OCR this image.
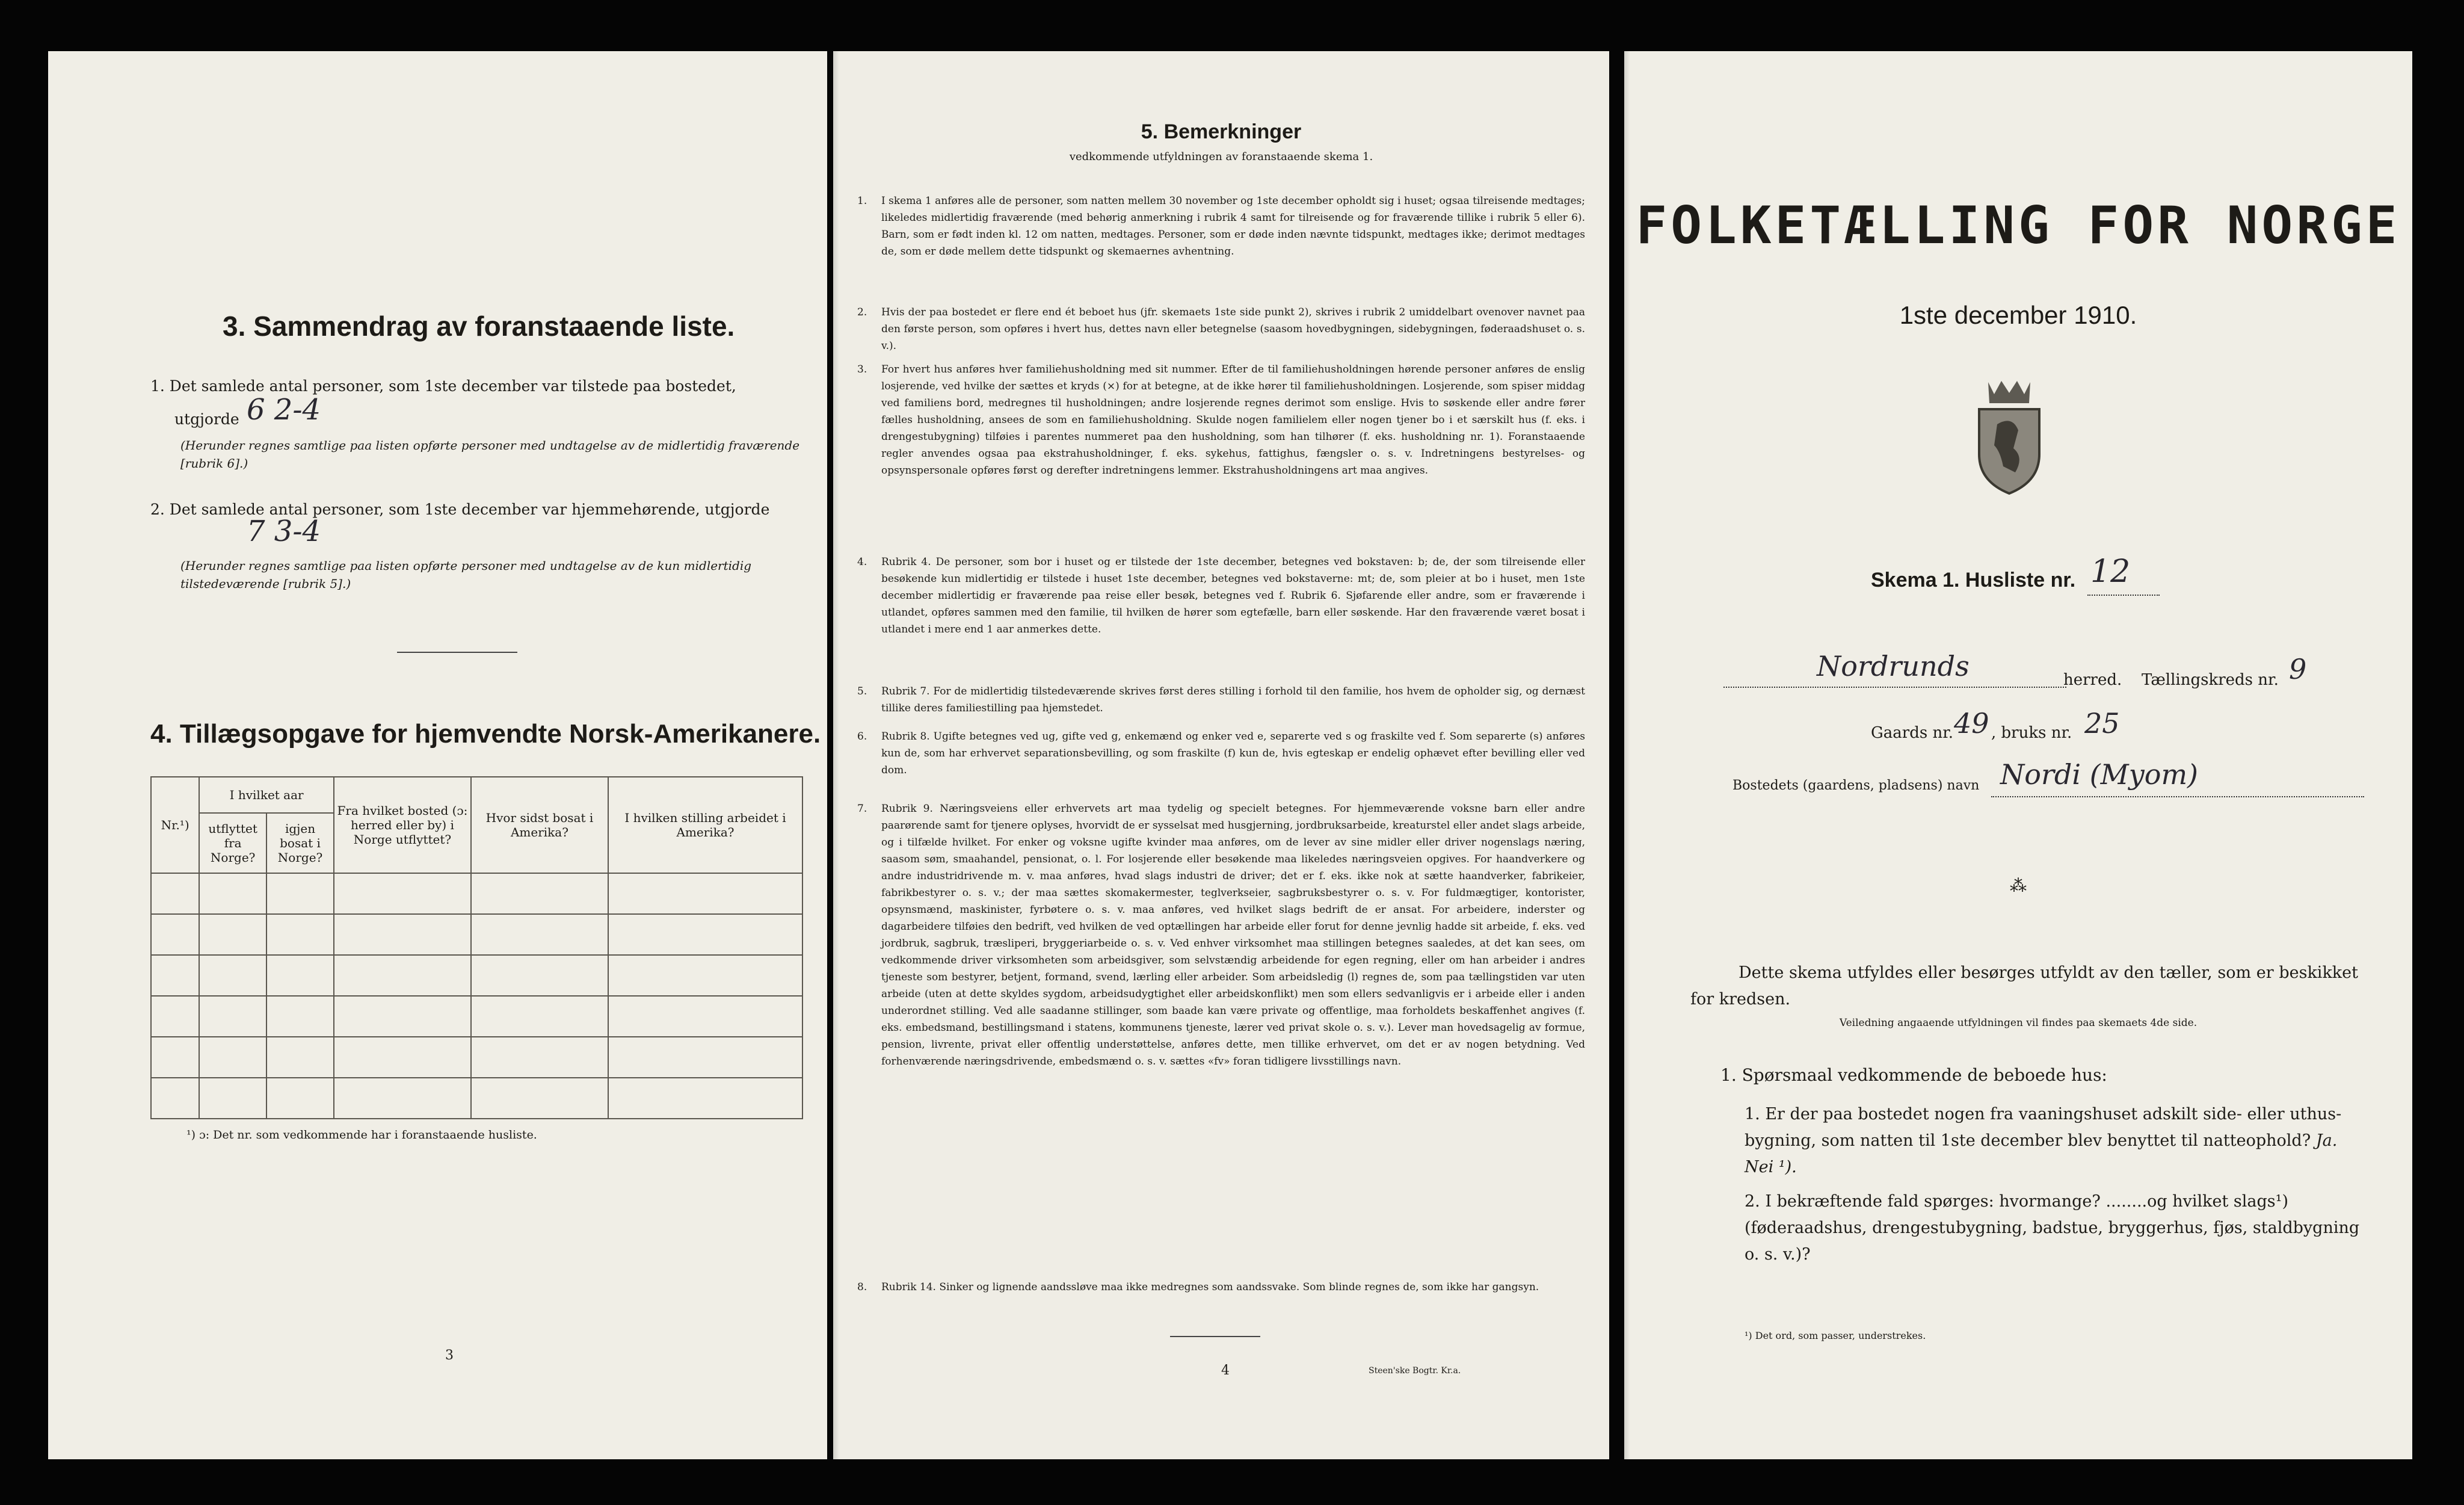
3. Sammendrag av foranstaaende liste.
1. Det samlede antal personer, som 1ste december var tilstede paa bostedet,
utgjorde 6 2-4
(Herunder regnes samtlige paa listen opførte personer med undtagelse av de midlertidig fraværende [rubrik 6].)
2. Det samlede antal personer, som 1ste december var hjemmehørende, utgjorde
7 3-4
(Herunder regnes samtlige paa listen opførte personer med undtagelse av de kun midlertidig tilstedeværende [rubrik 5].)
4. Tillægsopgave for hjemvendte Norsk-Amerikanere.
Nr.¹)	I hvilket aar		Fra hvilket bosted (ɔ: herred eller by) i Norge utflyttet?	Hvor sidst bosat i Amerika?	I hvilken stilling arbeidet i Amerika?
	utflyttet fra Norge?	igjen bosat i Norge?			

¹) ɔ: Det nr. som vedkommende har i foranstaaende husliste.
3
5. Bemerkninger
vedkommende utfyldningen av foranstaaende skema 1.
1. I skema 1 anføres alle de personer, som natten mellem 30 november og 1ste december opholdt sig i huset; ogsaa tilreisende medtages; likeledes midlertidig fraværende (med behørig anmerkning i rubrik 4 samt for tilreisende og for fraværende tillike i rubrik 5 eller 6). Barn, som er født inden kl. 12 om natten, medtages. Personer, som er døde inden nævnte tidspunkt, medtages ikke; derimot medtages de, som er døde mellem dette tidspunkt og skemaernes avhentning.
2. Hvis der paa bostedet er flere end ét beboet hus (jfr. skemaets 1ste side punkt 2), skrives i rubrik 2 umiddelbart ovenover navnet paa den første person, som opføres i hvert hus, dettes navn eller betegnelse (saasom hovedbygningen, sidebygningen, føderaadshuset o. s. v.).
3. For hvert hus anføres hver familiehusholdning med sit nummer. Efter de til familiehusholdningen hørende personer anføres de enslig losjerende, ved hvilke der sættes et kryds (×) for at betegne, at de ikke hører til familiehusholdningen. Losjerende, som spiser middag ved familiens bord, medregnes til husholdningen; andre losjerende regnes derimot som enslige. Hvis to søskende eller andre fører fælles husholdning, ansees de som en familiehusholdning. Skulde nogen familielem eller nogen tjener bo i et særskilt hus (f. eks. i drengestubygning) tilføies i parentes nummeret paa den husholdning, som han tilhører (f. eks. husholdning nr. 1). Foranstaaende regler anvendes ogsaa paa ekstrahusholdninger, f. eks. sykehus, fattighus, fængsler o. s. v. Indretningens bestyrelses- og opsynspersonale opføres først og derefter indretningens lemmer. Ekstrahusholdningens art maa angives.
4. Rubrik 4. De personer, som bor i huset og er tilstede der 1ste december, betegnes ved bokstaven: b; de, der som tilreisende eller besøkende kun midlertidig er tilstede i huset 1ste december, betegnes ved bokstaverne: mt; de, som pleier at bo i huset, men 1ste december midlertidig er fraværende paa reise eller besøk, betegnes ved f. Rubrik 6. Sjøfarende eller andre, som er fraværende i utlandet, opføres sammen med den familie, til hvilken de hører som egtefælle, barn eller søskende. Har den fraværende været bosat i utlandet i mere end 1 aar anmerkes dette.
5. Rubrik 7. For de midlertidig tilstedeværende skrives først deres stilling i forhold til den familie, hos hvem de opholder sig, og dernæst tillike deres familiestilling paa hjemstedet.
6. Rubrik 8. Ugifte betegnes ved ug, gifte ved g, enkemænd og enker ved e, separerte ved s og fraskilte ved f. Som separerte (s) anføres kun de, som har erhvervet separationsbevilling, og som fraskilte (f) kun de, hvis egteskap er endelig ophævet efter bevilling eller ved dom.
7. Rubrik 9. Næringsveiens eller erhvervets art maa tydelig og specielt betegnes. For hjemmeværende voksne barn eller andre paarørende samt for tjenere oplyses, hvorvidt de er sysselsat med husgjerning, jordbruksarbeide, kreaturstel eller andet slags arbeide, og i tilfælde hvilket. For enker og voksne ugifte kvinder maa anføres, om de lever av sine midler eller driver nogenslags næring, saasom søm, smaahandel, pensionat, o. l. For losjerende eller besøkende maa likeledes næringsveien opgives. For haandverkere og andre industridrivende m. v. maa anføres, hvad slags industri de driver; det er f. eks. ikke nok at sætte haandverker, fabrikeier, fabrikbestyrer o. s. v.; der maa sættes skomakermester, teglverkseier, sagbruksbestyrer o. s. v. For fuldmægtiger, kontorister, opsynsmænd, maskinister, fyrbøtere o. s. v. maa anføres, ved hvilket slags bedrift de er ansat. For arbeidere, inderster og dagarbeidere tilføies den bedrift, ved hvilken de ved optællingen har arbeide eller forut for denne jevnlig hadde sit arbeide, f. eks. ved jordbruk, sagbruk, træsliperi, bryggeriarbeide o. s. v. Ved enhver virksomhet maa stillingen betegnes saaledes, at det kan sees, om vedkommende driver virksomheten som arbeidsgiver, som selvstændig arbeidende for egen regning, eller om han arbeider i andres tjeneste som bestyrer, betjent, formand, svend, lærling eller arbeider. Som arbeidsledig (l) regnes de, som paa tællingstiden var uten arbeide (uten at dette skyldes sygdom, arbeidsudygtighet eller arbeidskonflikt) men som ellers sedvanligvis er i arbeide eller i anden underordnet stilling. Ved alle saadanne stillinger, som baade kan være private og offentlige, maa forholdets beskaffenhet angives (f. eks. embedsmand, bestillingsmand i statens, kommunens tjeneste, lærer ved privat skole o. s. v.). Lever man hovedsagelig av formue, pension, livrente, privat eller offentlig understøttelse, anføres dette, men tillike erhvervet, om det er av nogen betydning. Ved forhenværende næringsdrivende, embedsmænd o. s. v. sættes «fv» foran tidligere livsstillings navn.
8. Rubrik 14. Sinker og lignende aandssløve maa ikke medregnes som aandssvake. Som blinde regnes de, som ikke har gangsyn.
4	Steen'ske Bogtr. Kr.a.
FOLKETÆLLING FOR NORGE
1ste december 1910.
Skema 1. Husliste nr. 12
Nordrunds	herred. Tællingskreds nr. 9
Gaards nr. 49 , bruks nr. 25
Bostedets (gaardens, pladsens) navn Nordi (Myom)
⁂
Dette skema utfyldes eller besørges utfyldt av den tæller, som er beskikket for kredsen.
Veiledning angaaende utfyldningen vil findes paa skemaets 4de side.
1. Spørsmaal vedkommende de beboede hus:
1. Er der paa bostedet nogen fra vaaningshuset adskilt side- eller uthus-bygning, som natten til 1ste december blev benyttet til natteophold? Ja. Nei ¹).
2. I bekræftende fald spørges: hvormange? ........og hvilket slags¹) (føderaadshus, drengestubygning, badstue, bryggerhus, fjøs, staldbygning o. s. v.)?
¹) Det ord, som passer, understrekes.
